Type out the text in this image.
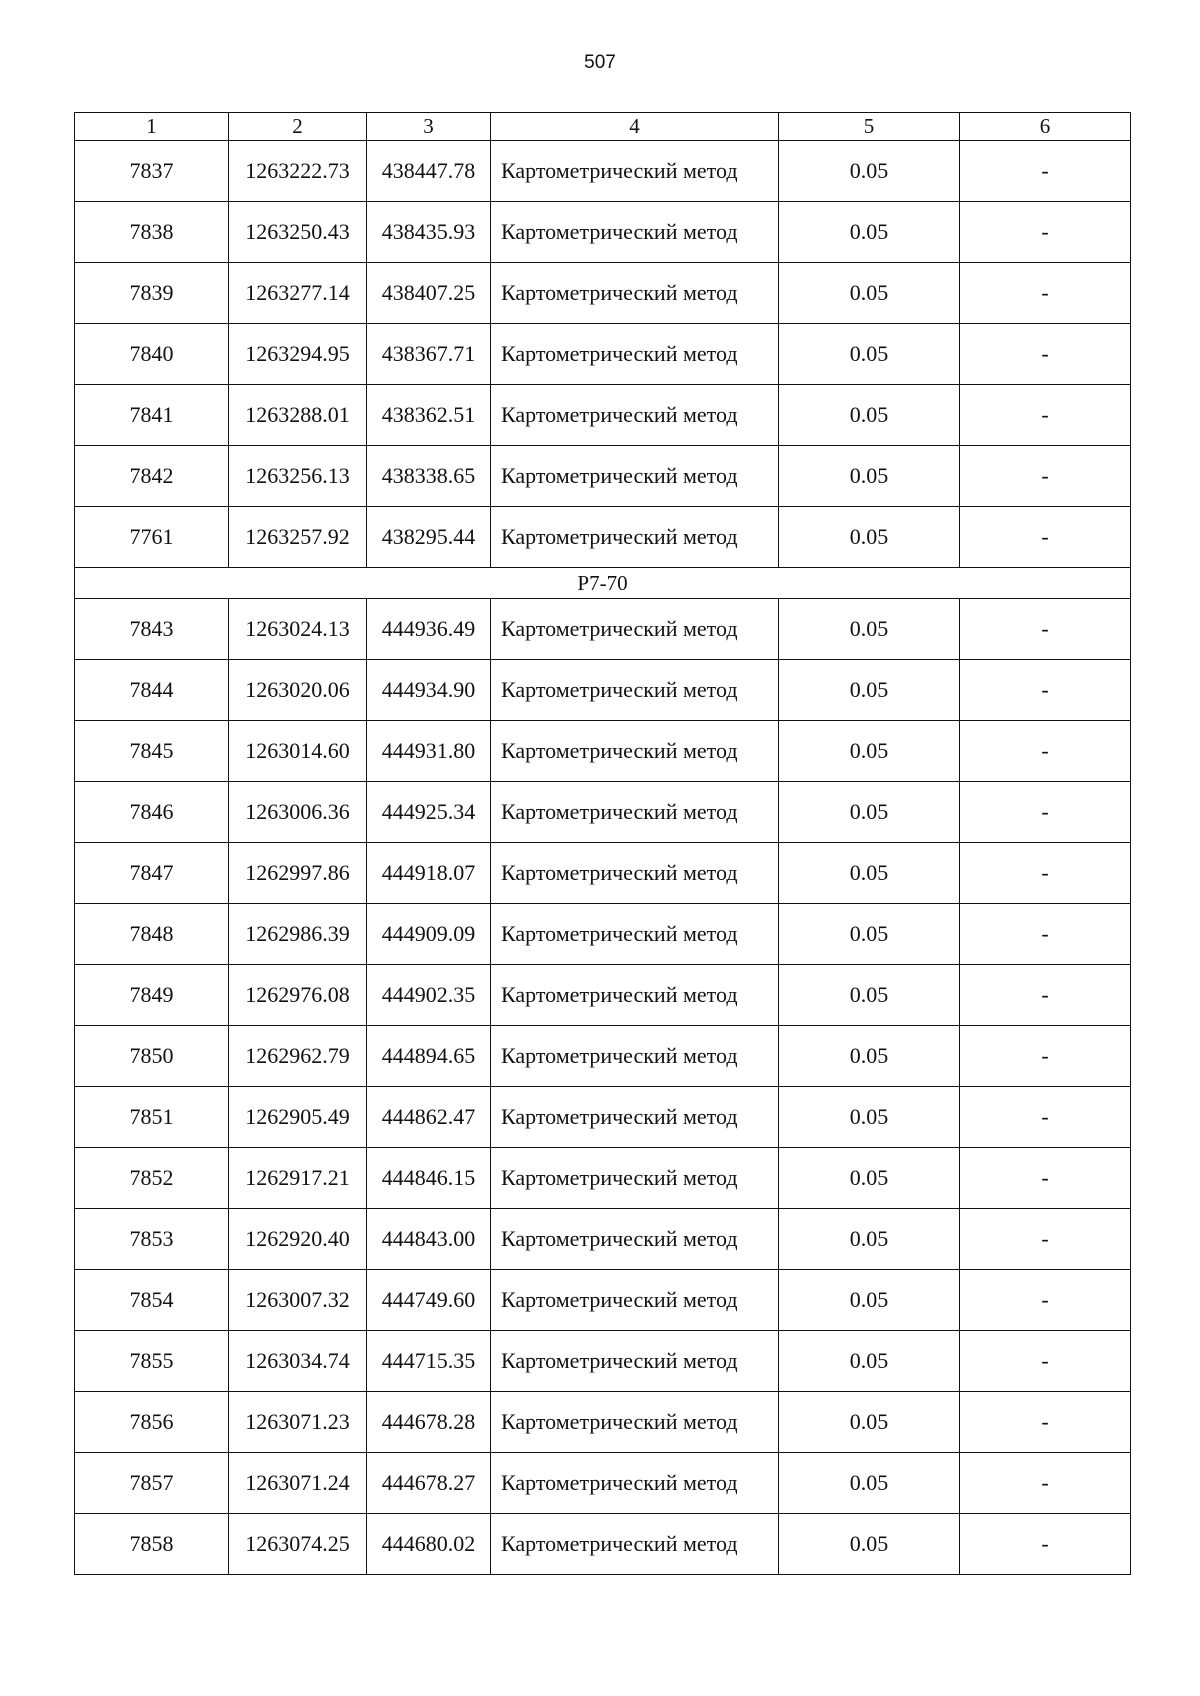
507
1	2	3	4	5	6
7837	1263222.73	438447.78	Картометрический метод	0.05	-
7838	1263250.43	438435.93	Картометрический метод	0.05	-
7839	1263277.14	438407.25	Картометрический метод	0.05	-
7840	1263294.95	438367.71	Картометрический метод	0.05	-
7841	1263288.01	438362.51	Картометрический метод	0.05	-
7842	1263256.13	438338.65	Картометрический метод	0.05	-
7761	1263257.92	438295.44	Картометрический метод	0.05	-
P7-70					
7843	1263024.13	444936.49	Картометрический метод	0.05	-
7844	1263020.06	444934.90	Картометрический метод	0.05	-
7845	1263014.60	444931.80	Картометрический метод	0.05	-
7846	1263006.36	444925.34	Картометрический метод	0.05	-
7847	1262997.86	444918.07	Картометрический метод	0.05	-
7848	1262986.39	444909.09	Картометрический метод	0.05	-
7849	1262976.08	444902.35	Картометрический метод	0.05	-
7850	1262962.79	444894.65	Картометрический метод	0.05	-
7851	1262905.49	444862.47	Картометрический метод	0.05	-
7852	1262917.21	444846.15	Картометрический метод	0.05	-
7853	1262920.40	444843.00	Картометрический метод	0.05	-
7854	1263007.32	444749.60	Картометрический метод	0.05	-
7855	1263034.74	444715.35	Картометрический метод	0.05	-
7856	1263071.23	444678.28	Картометрический метод	0.05	-
7857	1263071.24	444678.27	Картометрический метод	0.05	-
7858	1263074.25	444680.02	Картометрический метод	0.05	-
